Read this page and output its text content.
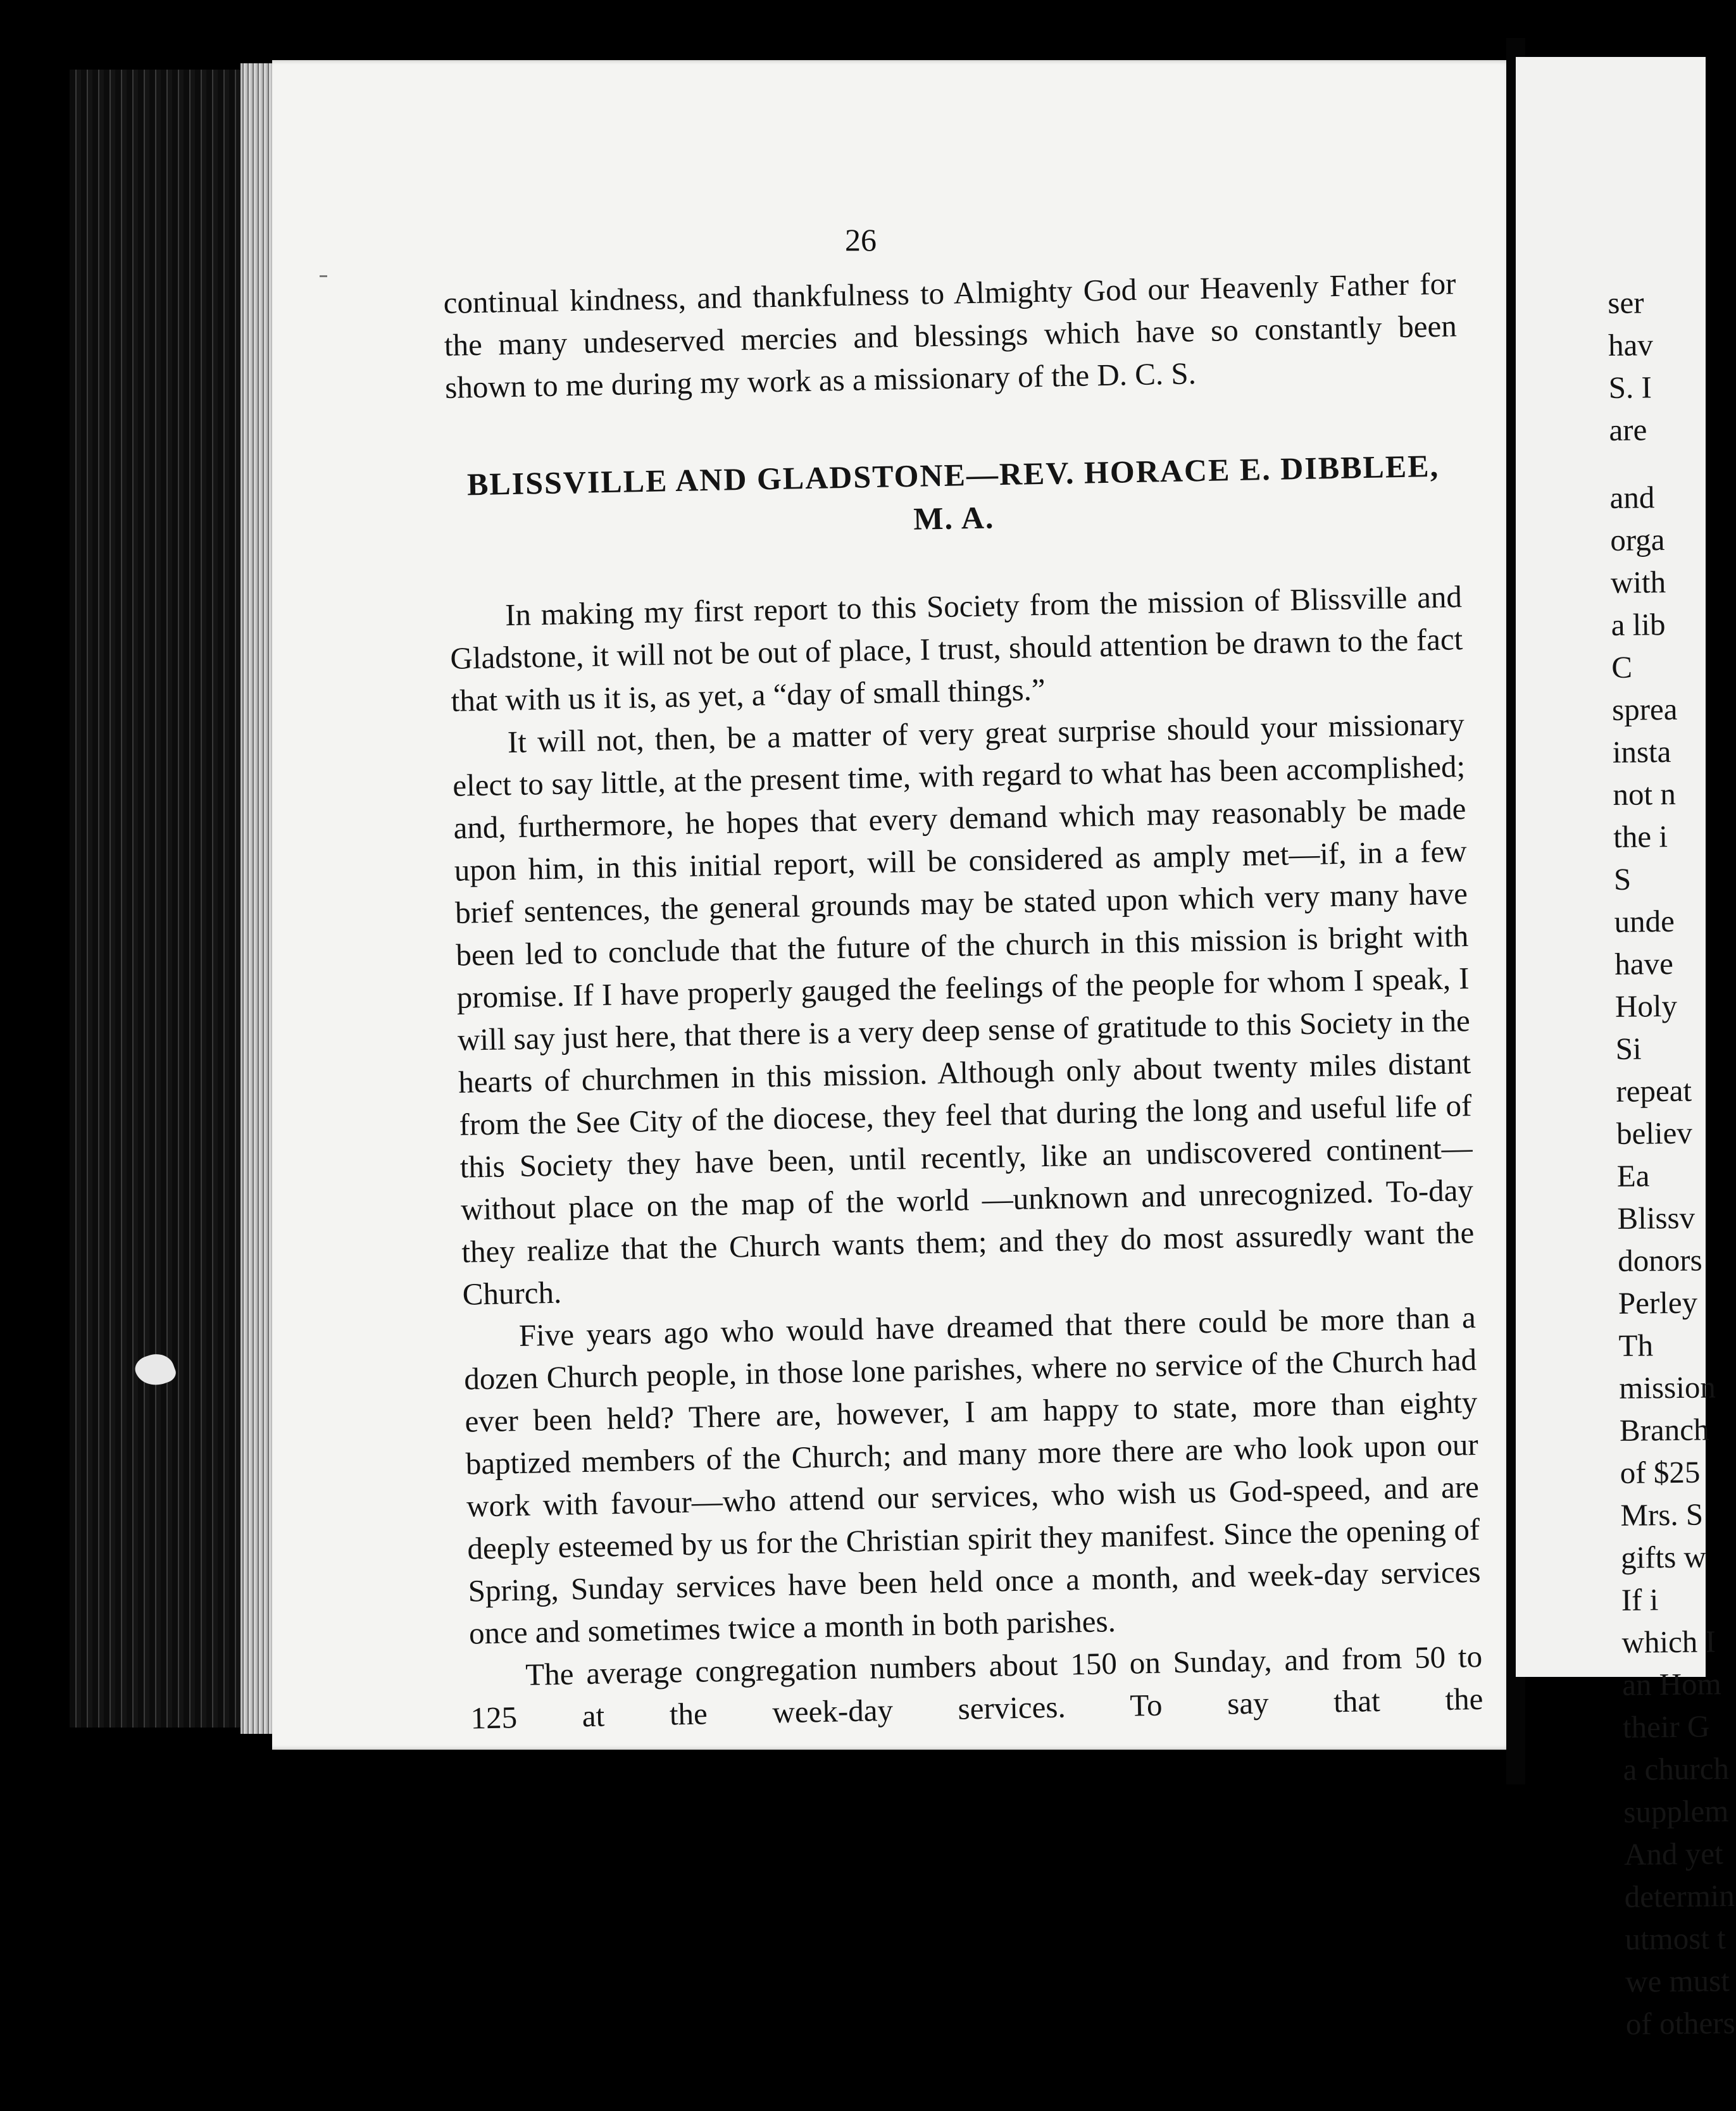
26

continual kindness, and thankfulness to Almighty God our Heavenly Father for the many undeserved mercies and blessings which have so constantly been shown to me during my work as a missionary of the D. C. S.

BLISSVILLE AND GLADSTONE—REV. HORACE E. DIBBLEE, M. A.

In making my first report to this Society from the mission of Blissville and Gladstone, it will not be out of place, I trust, should attention be drawn to the fact that with us it is, as yet, a “day of small things.”

It will not, then, be a matter of very great surprise should your missionary elect to say little, at the present time, with regard to what has been accomplished; and, furthermore, he hopes that every demand which may reasonably be made upon him, in this initial report, will be considered as amply met—if, in a few brief sentences, the general grounds may be stated upon which very many have been led to conclude that the future of the church in this mission is bright with promise. If I have properly gauged the feelings of the people for whom I speak, I will say just here, that there is a very deep sense of gratitude to this Society in the hearts of churchmen in this mission. Although only about twenty miles distant from the See City of the diocese, they feel that during the long and useful life of this Society they have been, until recently, like an undiscovered continent—without place on the map of the world —unknown and unrecognized. To-day they realize that the Church wants them; and they do most assuredly want the Church.

Five years ago who would have dreamed that there could be more than a dozen Church people, in those lone parishes, where no service of the Church had ever been held? There are, however, I am happy to state, more than eighty baptized members of the Church; and many more there are who look upon our work with favour—who attend our services, who wish us God-speed, and are deeply esteemed by us for the Christian spirit they manifest. Since the opening of Spring, Sunday services have been held once a month, and week-day services once and sometimes twice a month in both parishes.

The average congregation numbers about 150 on Sunday, and from 50 to 125 at the week-day services. To say that the

ser
hav
S. I
are
and
orga
with
a lib
C
sprea
insta
not n
the i
S
unde
have
Holy
Si
repeat
believ
Ea
Blissv
donors
Perley
Th
mission
Branch
of $25
Mrs. S
gifts w
If i
which I
an Hom
their G
a church
supplem
And yet
determin
utmost t
we must
of others
